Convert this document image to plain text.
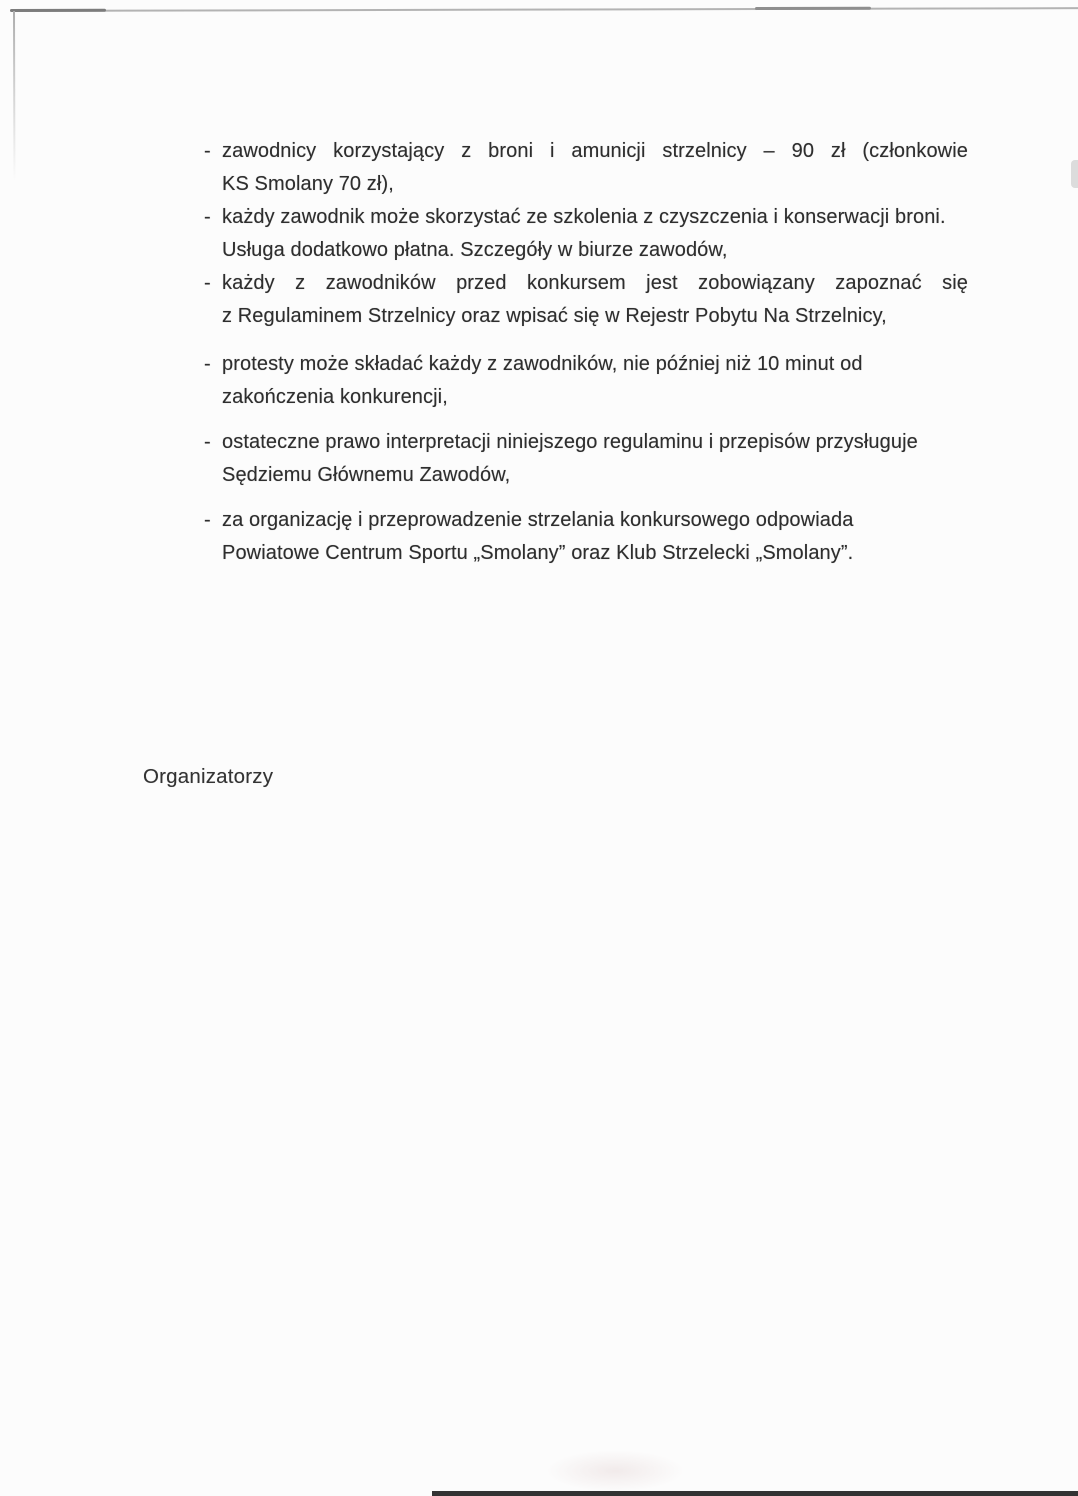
- zawodnicy korzystający z broni i amunicji strzelnicy – 90 zł (członkowie
KS Smolany 70 zł),
- każdy zawodnik może skorzystać ze szkolenia z czyszczenia i konserwacji broni.
Usługa dodatkowo płatna. Szczegóły w biurze zawodów,
- każdy z zawodników przed konkursem jest zobowiązany zapoznać się
z Regulaminem Strzelnicy oraz wpisać się w Rejestr Pobytu Na Strzelnicy,
- protesty może składać każdy z zawodników, nie później niż 10 minut od
zakończenia konkurencji,
- ostateczne prawo interpretacji niniejszego regulaminu i przepisów przysługuje
Sędziemu Głównemu Zawodów,
- za organizację i przeprowadzenie strzelania konkursowego odpowiada
Powiatowe Centrum Sportu „Smolany” oraz Klub Strzelecki „Smolany”.
Organizatorzy
